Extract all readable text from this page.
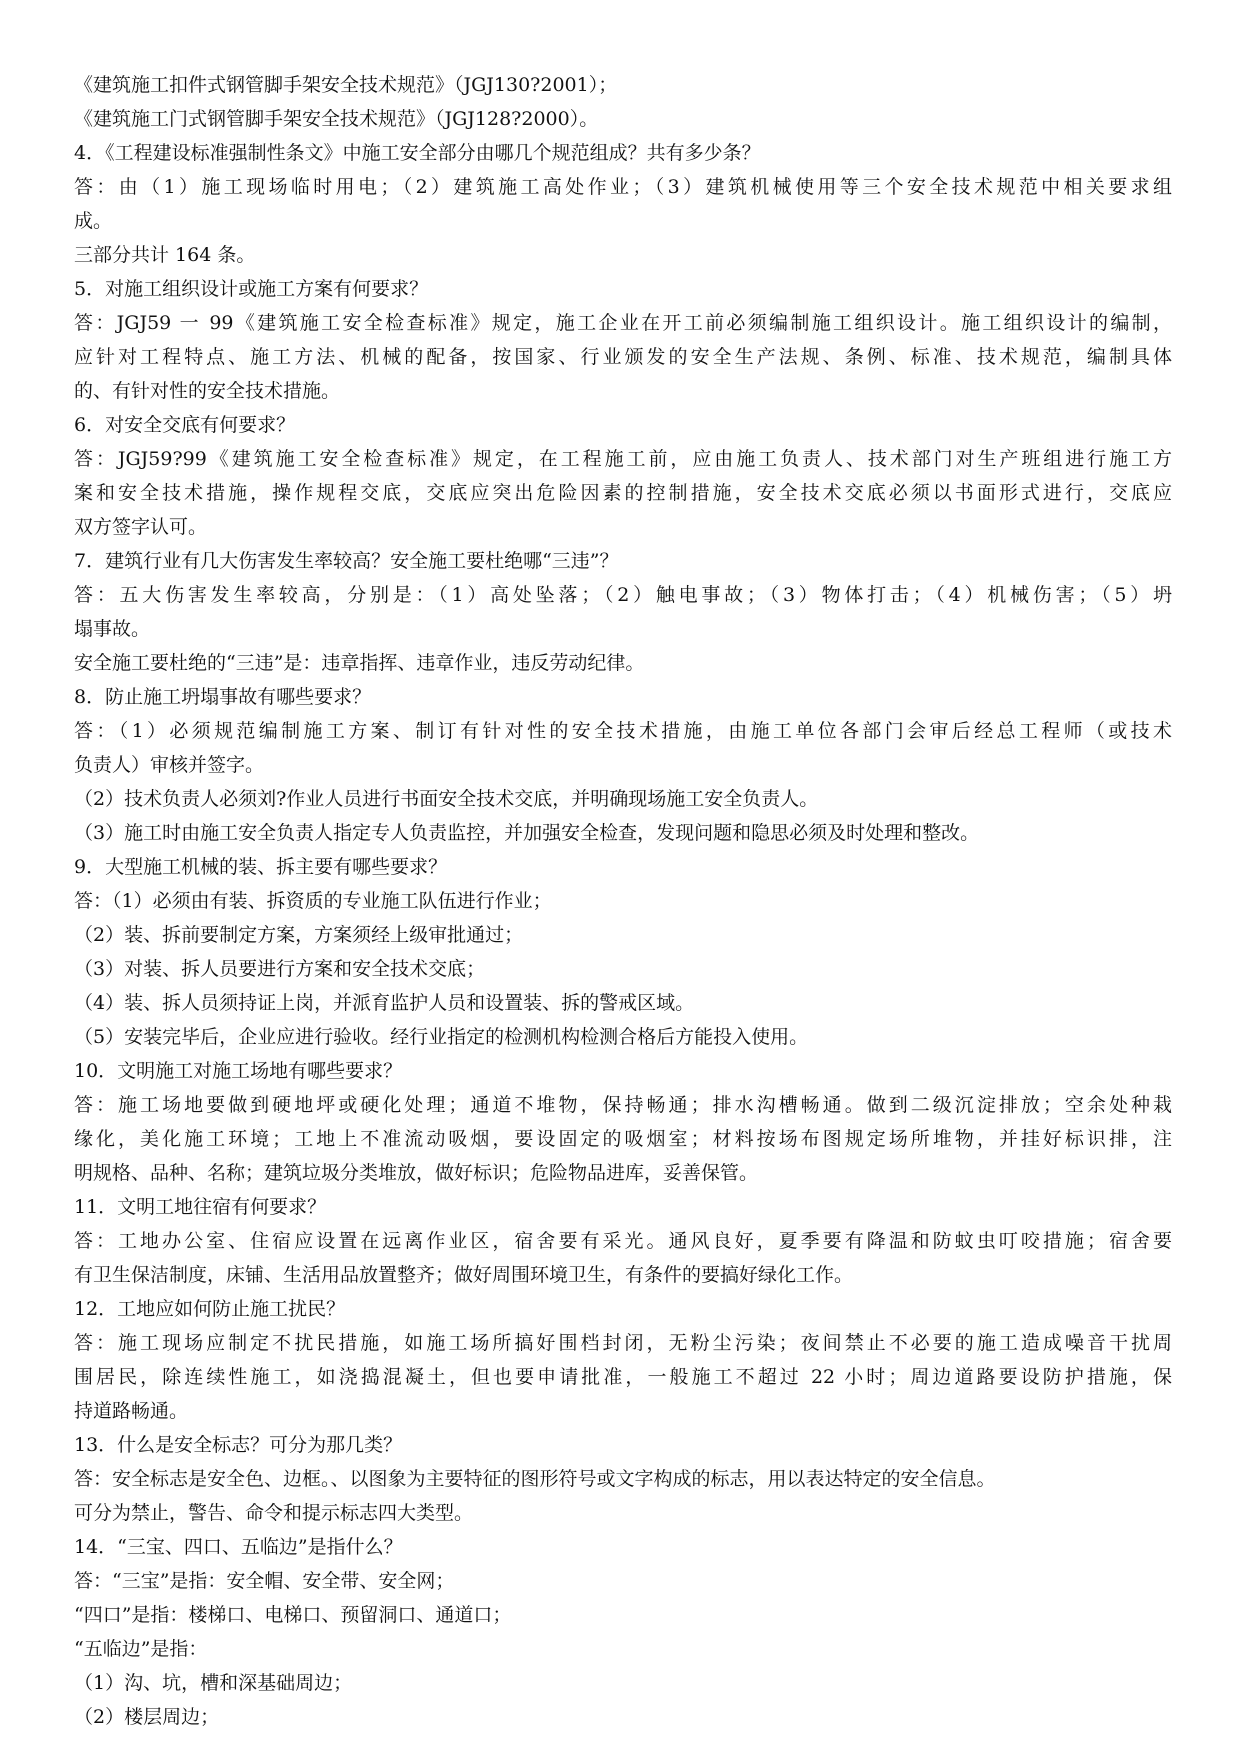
《建筑施工扣件式钢管脚手架安全技术规范》（JGJ130?2001）；
《建筑施工门式钢管脚手架安全技术规范》（JGJ128?2000）。
4．《工程建设标准强制性条文》中施工安全部分由哪几个规范组成？共有多少条？
答：由（1）施工现场临时用电；（2）建筑施工高处作业；（3）建筑机械使用等三个安全技术规范中相关要求组
成。
三部分共计 164 条。
5．对施工组织设计或施工方案有何要求？
答：JGJ59 一 99《建筑施工安全检查标准》规定，施工企业在开工前必须编制施工组织设计。施工组织设计的编制，
应针对工程特点、施工方法、机械的配备，按国家、行业颁发的安全生产法规、条例、标准、技术规范，编制具体
的、有针对性的安全技术措施。
6．对安全交底有何要求？
答：JGJ59?99《建筑施工安全检查标准》规定，在工程施工前，应由施工负责人、技术部门对生产班组进行施工方
案和安全技术措施，操作规程交底，交底应突出危险因素的控制措施，安全技术交底必须以书面形式进行，交底应
双方签字认可。
7．建筑行业有几大伤害发生率较高？安全施工要杜绝哪“三违”？
答：五大伤害发生率较高，分别是：（1）高处坠落；（2）触电事故；（3）物体打击；（4）机械伤害；（5）坍
塌事故。
安全施工要杜绝的“三违”是：违章指挥、违章作业，违反劳动纪律。
8．防止施工坍塌事故有哪些要求？
答：（1）必须规范编制施工方案、制订有针对性的安全技术措施，由施工单位各部门会审后经总工程师（或技术
负责人）审核并签字。
（2）技术负责人必须刘?作业人员进行书面安全技术交底，并明确现场施工安全负责人。
（3）施工时由施工安全负责人指定专人负责监控，并加强安全检查，发现问题和隐思必须及时处理和整改。
9．大型施工机械的装、拆主要有哪些要求？
答：（1）必须由有装、拆资质的专业施工队伍进行作业；
（2）装、拆前要制定方案，方案须经上级审批通过；
（3）对装、拆人员要进行方案和安全技术交底；
（4）装、拆人员须持证上岗，并派育监护人员和设置装、拆的警戒区域。
（5）安装完毕后，企业应进行验收。经行业指定的检测机构检测合格后方能投入使用。
10．文明施工对施工场地有哪些要求？
答：施工场地要做到硬地坪或硬化处理；通道不堆物，保持畅通；排水沟槽畅通。做到二级沉淀排放；空余处种栽
缘化，美化施工环境；工地上不准流动吸烟，要设固定的吸烟室；材料按场布图规定场所堆物，并挂好标识排，注
明规格、品种、名称；建筑垃圾分类堆放，做好标识；危险物品进库，妥善保管。
11．文明工地往宿有何要求？
答：工地办公室、住宿应设置在远离作业区，宿舍要有采光。通风良好，夏季要有降温和防蚊虫叮咬措施；宿舍要
有卫生保洁制度，床铺、生活用品放置整齐；做好周围环境卫生，有条件的要搞好绿化工作。
12．工地应如何防止施工扰民？
答：施工现场应制定不扰民措施，如施工场所搞好围档封闭，无粉尘污染；夜间禁止不必要的施工造成噪音干扰周
围居民，除连续性施工，如浇捣混凝土，但也要申请批准，一般施工不超过 22 小时；周边道路要设防护措施，保
持道路畅通。
13．什么是安全标志？可分为那几类？
答：安全标志是安全色、边框。、以图象为主要特征的图形符号或文字构成的标志，用以表达特定的安全信息。
可分为禁止，警告、命令和提示标志四大类型。
14．“三宝、四口、五临边”是指什么？
答：“三宝”是指：安全帽、安全带、安全网；
“四口”是指：楼梯口、电梯口、预留洞口、通道口；
“五临边”是指：
（1）沟、坑，槽和深基础周边；
（2）楼层周边；
